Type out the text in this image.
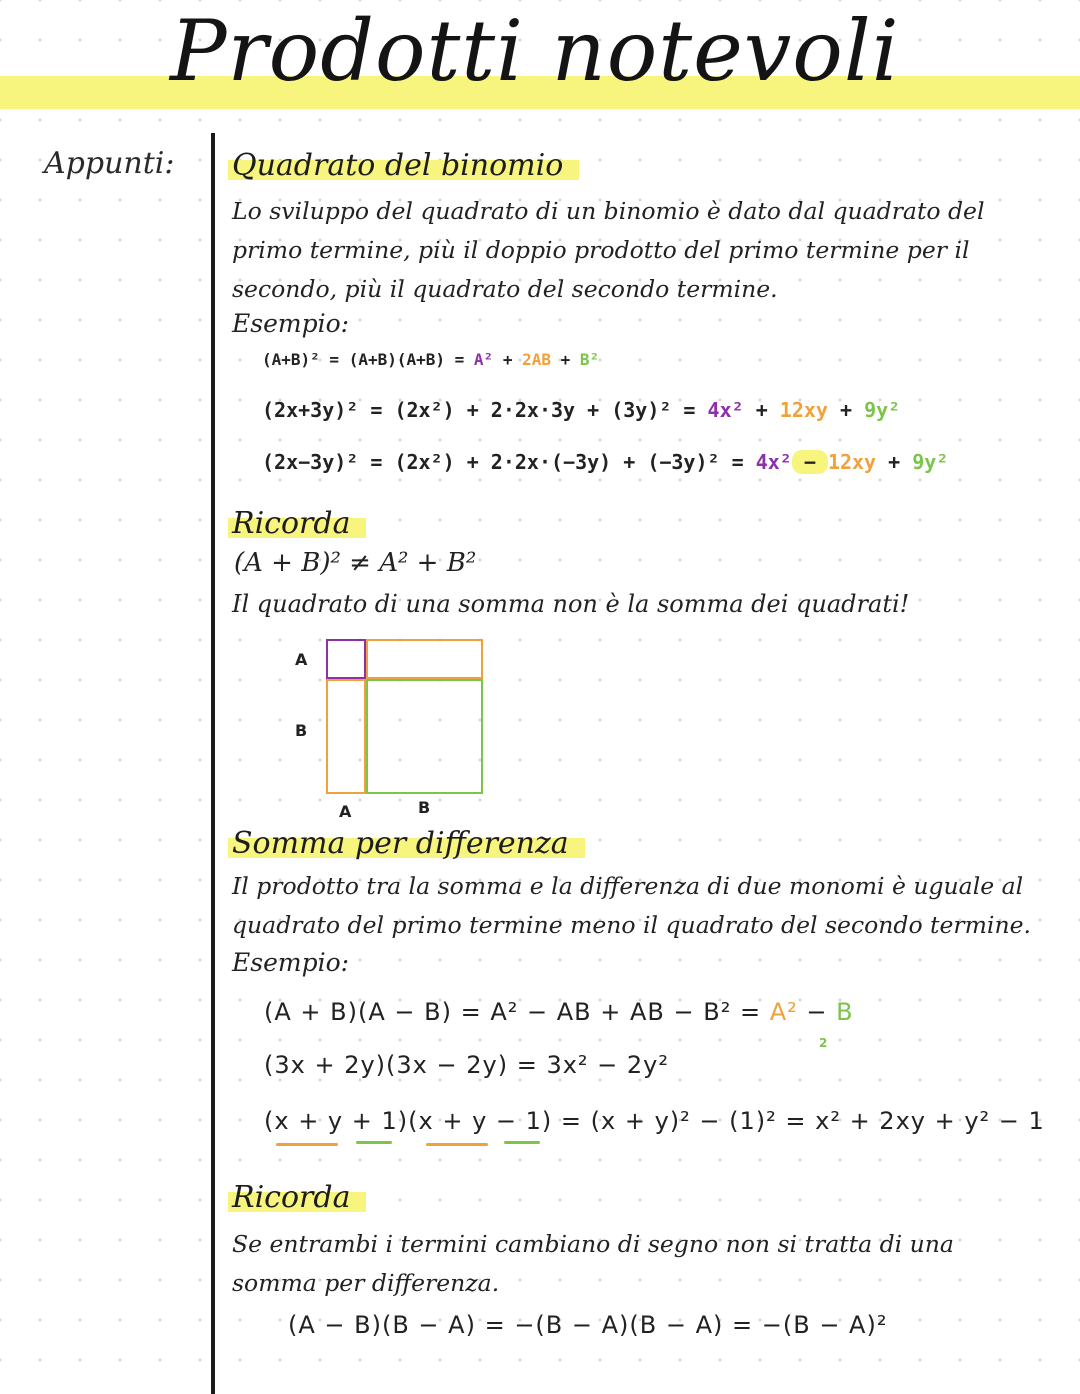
Prodotti notevoli
Appunti: Quadrato del binomio
Lo sviluppo del quadrato di un binomio è dato dal quadrato del primo termine, più il doppio prodotto del primo termine per il secondo, più il quadrato del secondo termine.
Esempio:
(A+B)² = (A+B)(A+B) = A² + 2AB + B²
(2x+3y)² = (2x²) + 2·2x·3y + (3y)² = 4x² + 12xy + 9y²
(2x−3y)² = (2x²) + 2·2x·(−3y) + (−3y)² = 4x² − 12xy + 9y²
Ricorda
(A + B)² ≠ A² + B²
Il quadrato di una somma non è la somma dei quadrati!
A
B
A	B
Somma per differenza
Il prodotto tra la somma e la differenza di due monomi è uguale al quadrato del primo termine meno il quadrato del secondo termine.
Esempio:
(A + B)(A − B) = A² − AB + AB − B² = A² − B
2
(3x + 2y)(3x − 2y) = 3x² − 2y²
(x + y + 1)(x + y − 1) = (x + y)² − (1)² = x² + 2xy + y² − 1
Ricorda
Se entrambi i termini cambiano di segno non si tratta di una somma per differenza.
(A − B)(B − A) = −(B − A)(B − A) = −(B − A)²
